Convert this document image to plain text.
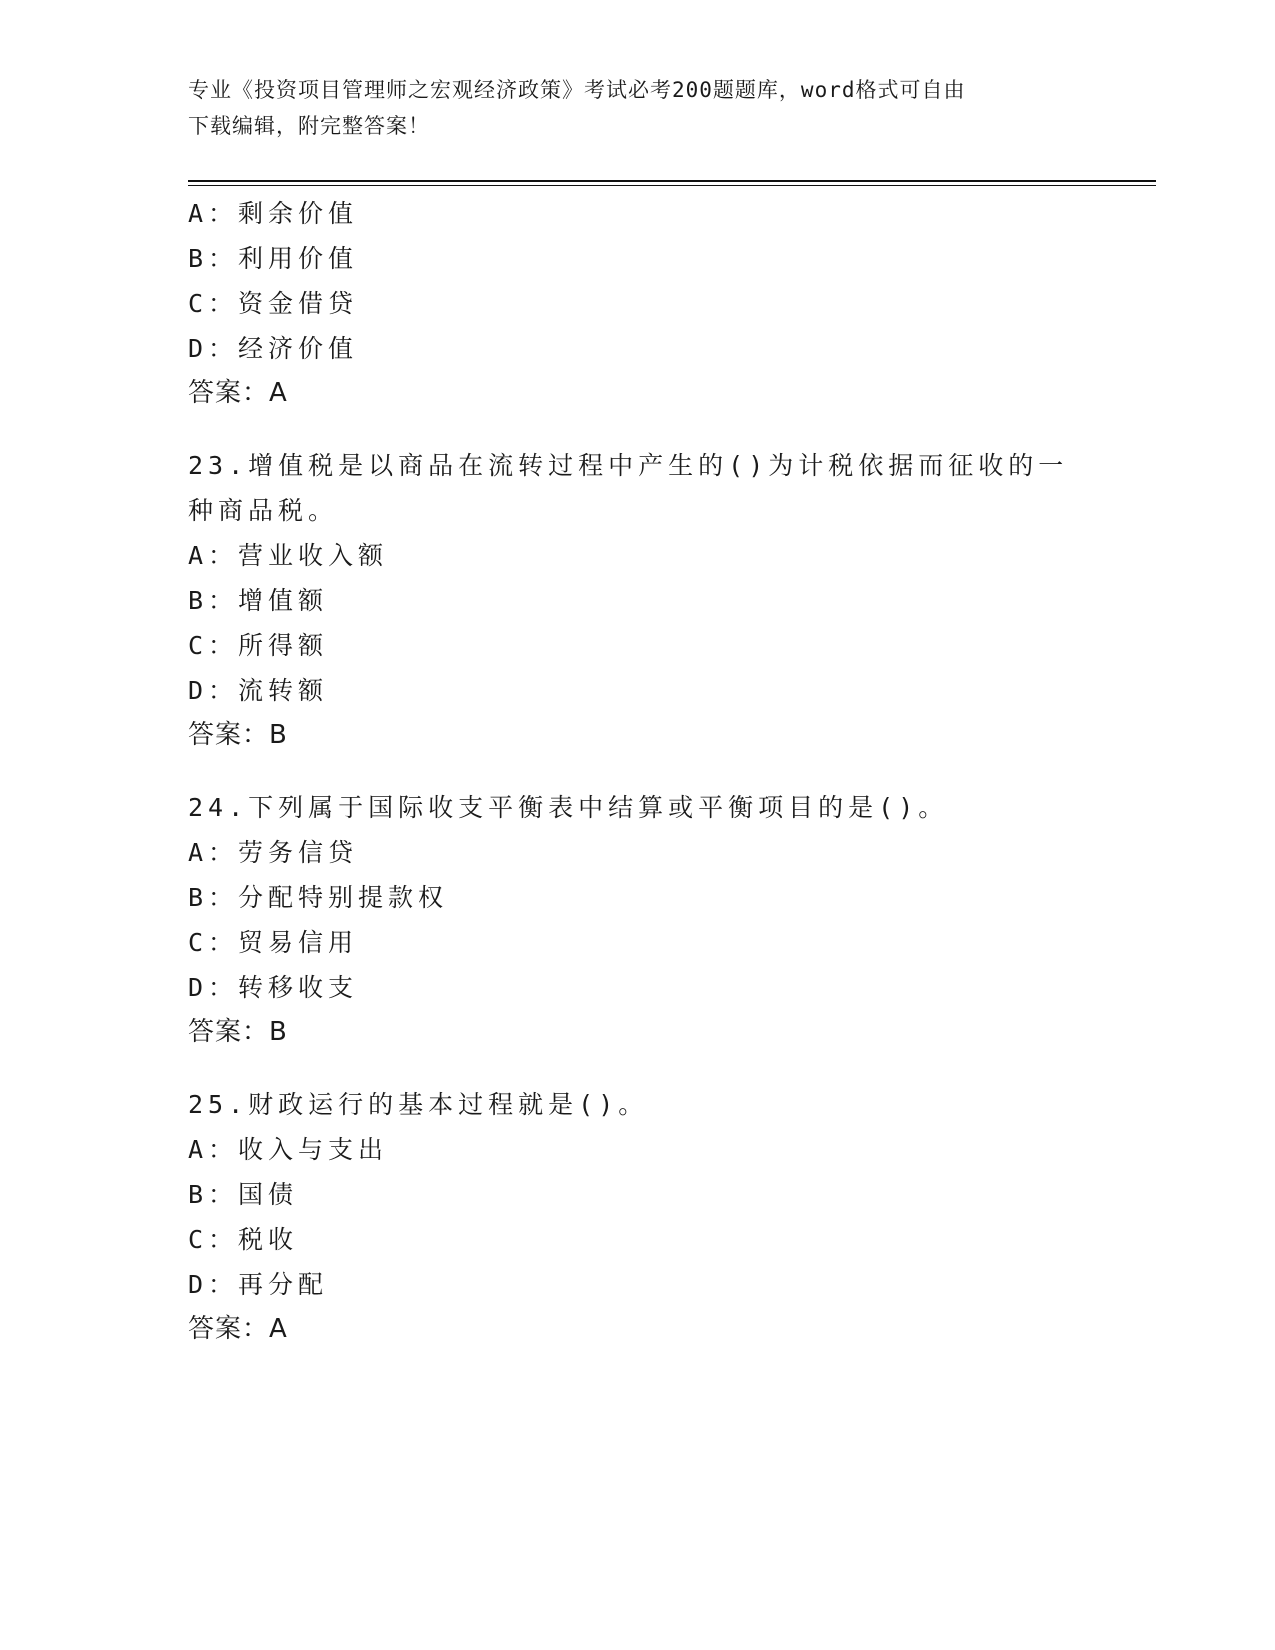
专业《投资项目管理师之宏观经济政策》考试必考200题题库，word格式可自由
下载编辑，附完整答案！
A：剩余价值
B：利用价值
C：资金借贷
D：经济价值
答案：A
23.增值税是以商品在流转过程中产生的()为计税依据而征收的一种商品税。
A：营业收入额
B：增值额
C：所得额
D：流转额
答案：B
24.下列属于国际收支平衡表中结算或平衡项目的是()。
A：劳务信贷
B：分配特别提款权
C：贸易信用
D：转移收支
答案：B
25.财政运行的基本过程就是()。
A：收入与支出
B：国债
C：税收
D：再分配
答案：A
